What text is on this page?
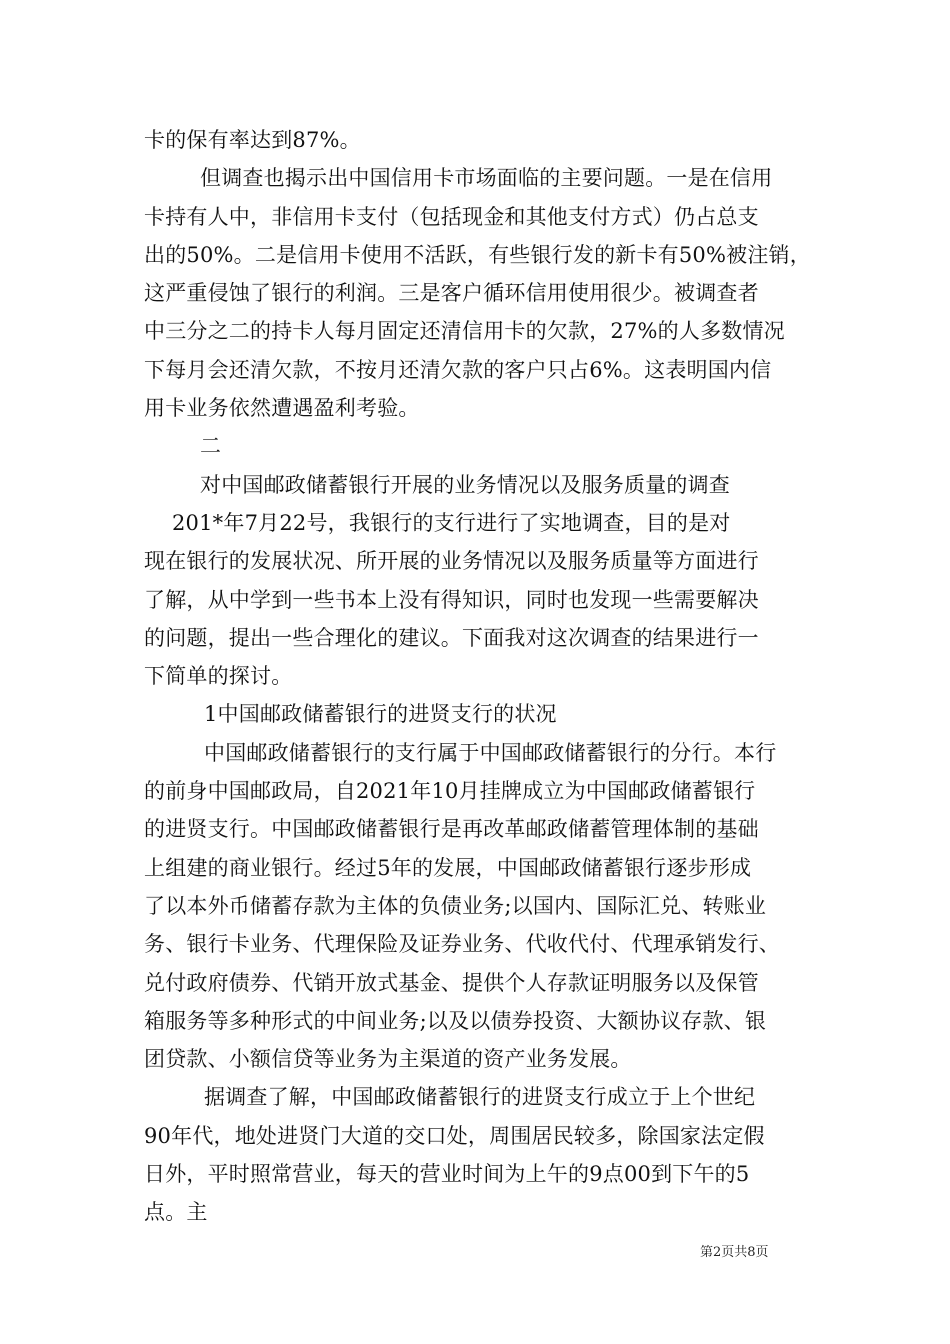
卡的保有率达到87%。
但调查也揭示出中国信用卡市场面临的主要问题。一是在信用
卡持有人中，非信用卡支付（包括现金和其他支付方式）仍占总支
出的50%。二是信用卡使用不活跃，有些银行发的新卡有50%被注销，
这严重侵蚀了银行的利润。三是客户循环信用使用很少。被调查者
中三分之二的持卡人每月固定还清信用卡的欠款，27%的人多数情况
下每月会还清欠款，不按月还清欠款的客户只占6%。这表明国内信
用卡业务依然遭遇盈利考验。
二
对中国邮政储蓄银行开展的业务情况以及服务质量的调查
201*年7月22号，我银行的支行进行了实地调查，目的是对
现在银行的发展状况、所开展的业务情况以及服务质量等方面进行
了解，从中学到一些书本上没有得知识，同时也发现一些需要解决
的问题，提出一些合理化的建议。下面我对这次调查的结果进行一
下简单的探讨。
1中国邮政储蓄银行的进贤支行的状况
中国邮政储蓄银行的支行属于中国邮政储蓄银行的分行。本行
的前身中国邮政局，自2021年10月挂牌成立为中国邮政储蓄银行
的进贤支行。中国邮政储蓄银行是再改革邮政储蓄管理体制的基础
上组建的商业银行。经过5年的发展，中国邮政储蓄银行逐步形成
了以本外币储蓄存款为主体的负债业务;以国内、国际汇兑、转账业
务、银行卡业务、代理保险及证券业务、代收代付、代理承销发行、
兑付政府债券、代销开放式基金、提供个人存款证明服务以及保管
箱服务等多种形式的中间业务;以及以债券投资、大额协议存款、银
团贷款、小额信贷等业务为主渠道的资产业务发展。
据调查了解，中国邮政储蓄银行的进贤支行成立于上个世纪
90年代，地处进贤门大道的交口处，周围居民较多，除国家法定假
日外，平时照常营业，每天的营业时间为上午的9点00到下午的5
点。主
第2页共8页
